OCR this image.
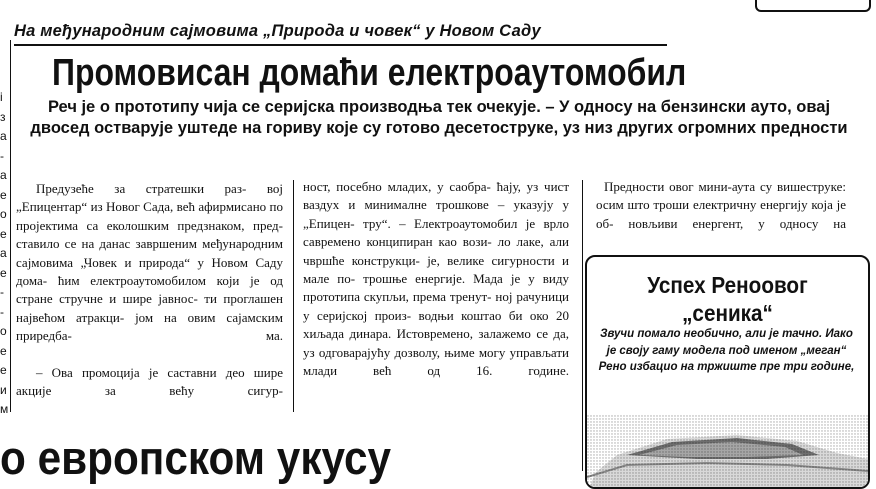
i
з
а
-
а
е
о
е
а
е
-
-
о
е
е
и
м
На међународним сајмовима „Природа и човек“ у Новом Саду
Промовисан домаћи електроаутомобил
Реч је о прототипу чија се серијска производња тек очекује. – У односу на бензински ауто, овај двосед остварује уштеде на гориву које су готово десетоструке, уз низ других огромних предности

Предузеће за стратешки раз- вој „Епицентар“ из Новог Сада, већ афирмисано по пројектима са еколошким предзнаком, пред- ставило се на данас завршеним међународним сајмовима „Човек и природа“ у Новом Саду дома- ћим електроаутомобилом који је од стране стручне и шире јавнос- ти проглашен највећом атракци- јом на овим сајамским приредба-	ма.

– Ова промоција је саставни део шире акције за већу сигур-

ност, посебно младих, у саобра- ћају, уз чист ваздух и минималне трошкове – указују у „Епицен- тру“. – Електроаутомобил је врло савремено конципиран као вози- ло лаке, али чвршће конструкци- је, велике сигурности и мале по- трошње енергије. Мада је у виду прототипа скупљи, према тренут- ној рачуници у серијској произ- водњи коштао би око 20 хиљада динара. Истовремено, залажемо се да, уз одговарајућу дозволу, њиме могу управљати млади већ	од 16. године.

Предности овог мини-аута су вишеструке: осим што троши електричну енергију која је об- новљиви енергент, у односу на

Успех Реноовог
„сеника“
Звучи помало необично, али је тачно. Иако је своју гаму модела под именом „меган“ Рено избацио на тржиште пре три године,
о европском укусу
